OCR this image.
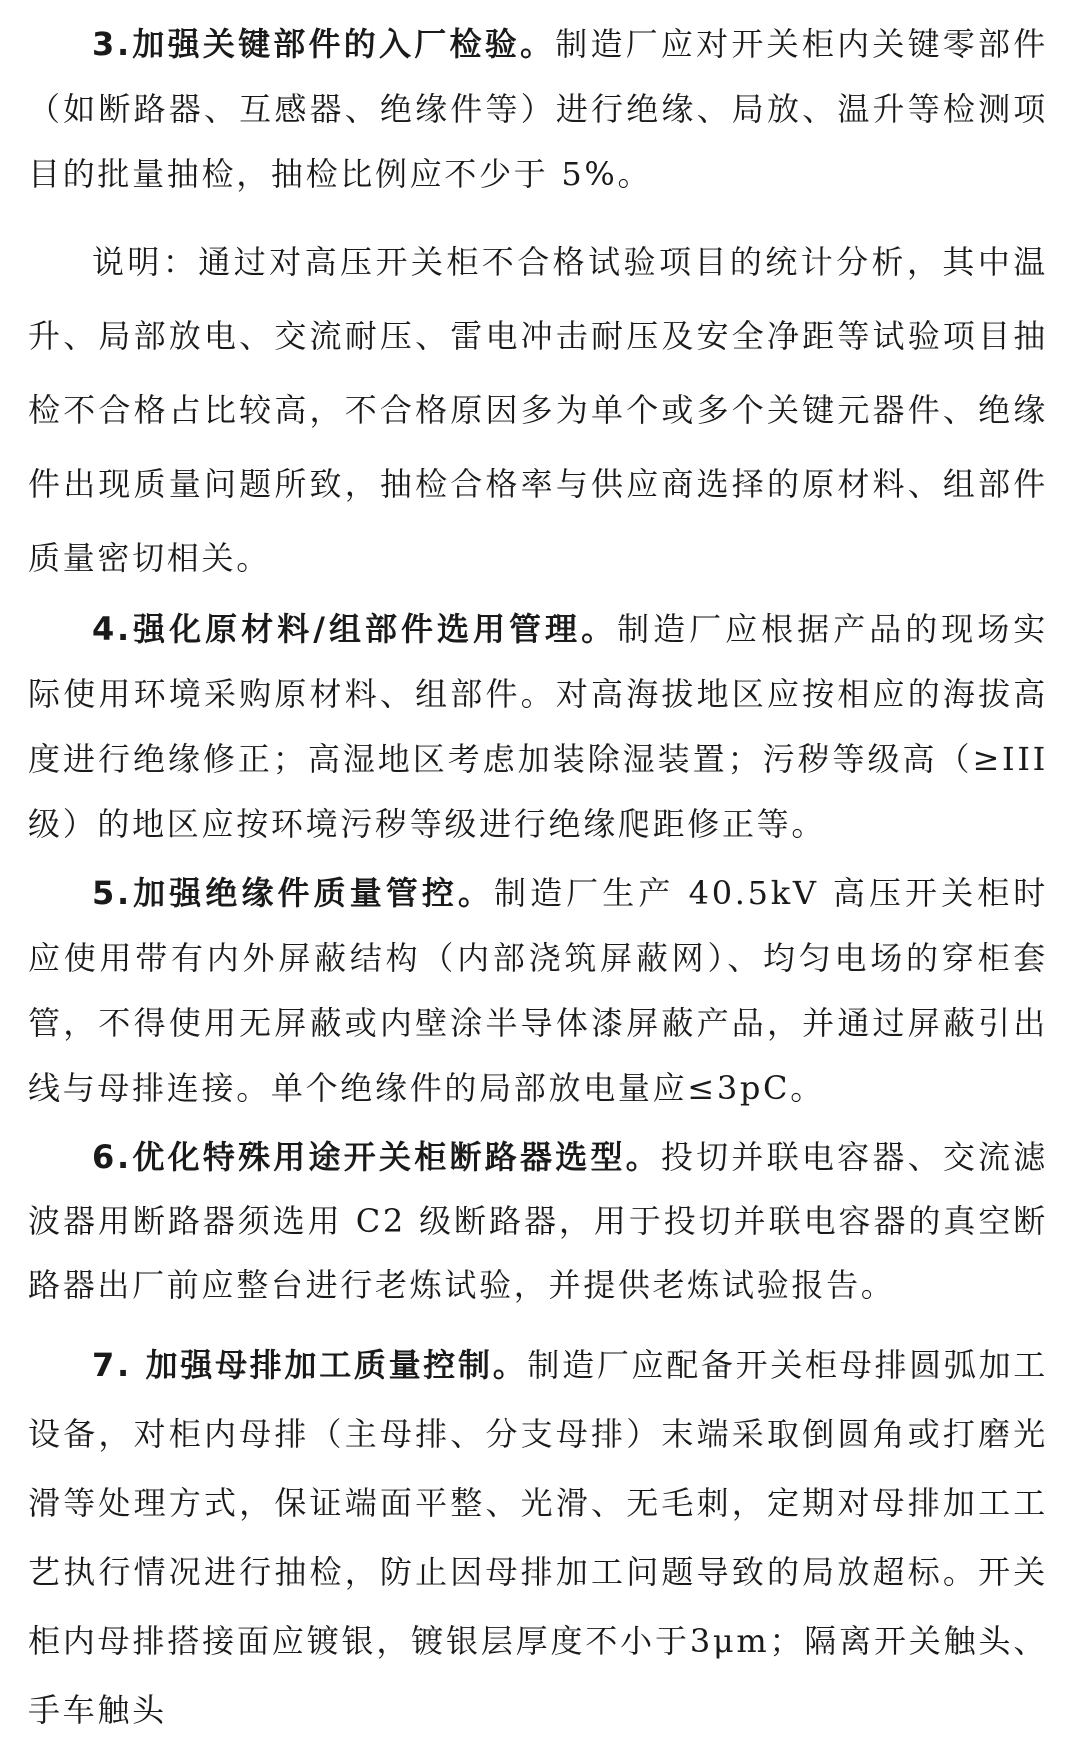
3.加强关键部件的入厂检验。制造厂应对开关柜内关键零部件（如断路器、互感器、绝缘件等）进行绝缘、局放、温升等检测项目的批量抽检，抽检比例应不少于 5%。

说明：通过对高压开关柜不合格试验项目的统计分析，其中温升、局部放电、交流耐压、雷电冲击耐压及安全净距等试验项目抽检不合格占比较高，不合格原因多为单个或多个关键元器件、绝缘件出现质量问题所致，抽检合格率与供应商选择的原材料、组部件质量密切相关。

4.强化原材料/组部件选用管理。制造厂应根据产品的现场实际使用环境采购原材料、组部件。对高海拔地区应按相应的海拔高度进行绝缘修正；高湿地区考虑加装除湿装置；污秽等级高（≥III级）的地区应按环境污秽等级进行绝缘爬距修正等。

5.加强绝缘件质量管控。制造厂生产 40.5kV 高压开关柜时应使用带有内外屏蔽结构（内部浇筑屏蔽网）、均匀电场的穿柜套管，不得使用无屏蔽或内壁涂半导体漆屏蔽产品，并通过屏蔽引出线与母排连接。单个绝缘件的局部放电量应≤3pC。

6.优化特殊用途开关柜断路器选型。投切并联电容器、交流滤波器用断路器须选用 C2 级断路器，用于投切并联电容器的真空断路器出厂前应整台进行老炼试验，并提供老炼试验报告。

7. 加强母排加工质量控制。制造厂应配备开关柜母排圆弧加工设备，对柜内母排（主母排、分支母排）末端采取倒圆角或打磨光滑等处理方式，保证端面平整、光滑、无毛刺，定期对母排加工工艺执行情况进行抽检，防止因母排加工问题导致的局放超标。开关柜内母排搭接面应镀银，镀银层厚度不小于3μm；隔离开关触头、手车触头
